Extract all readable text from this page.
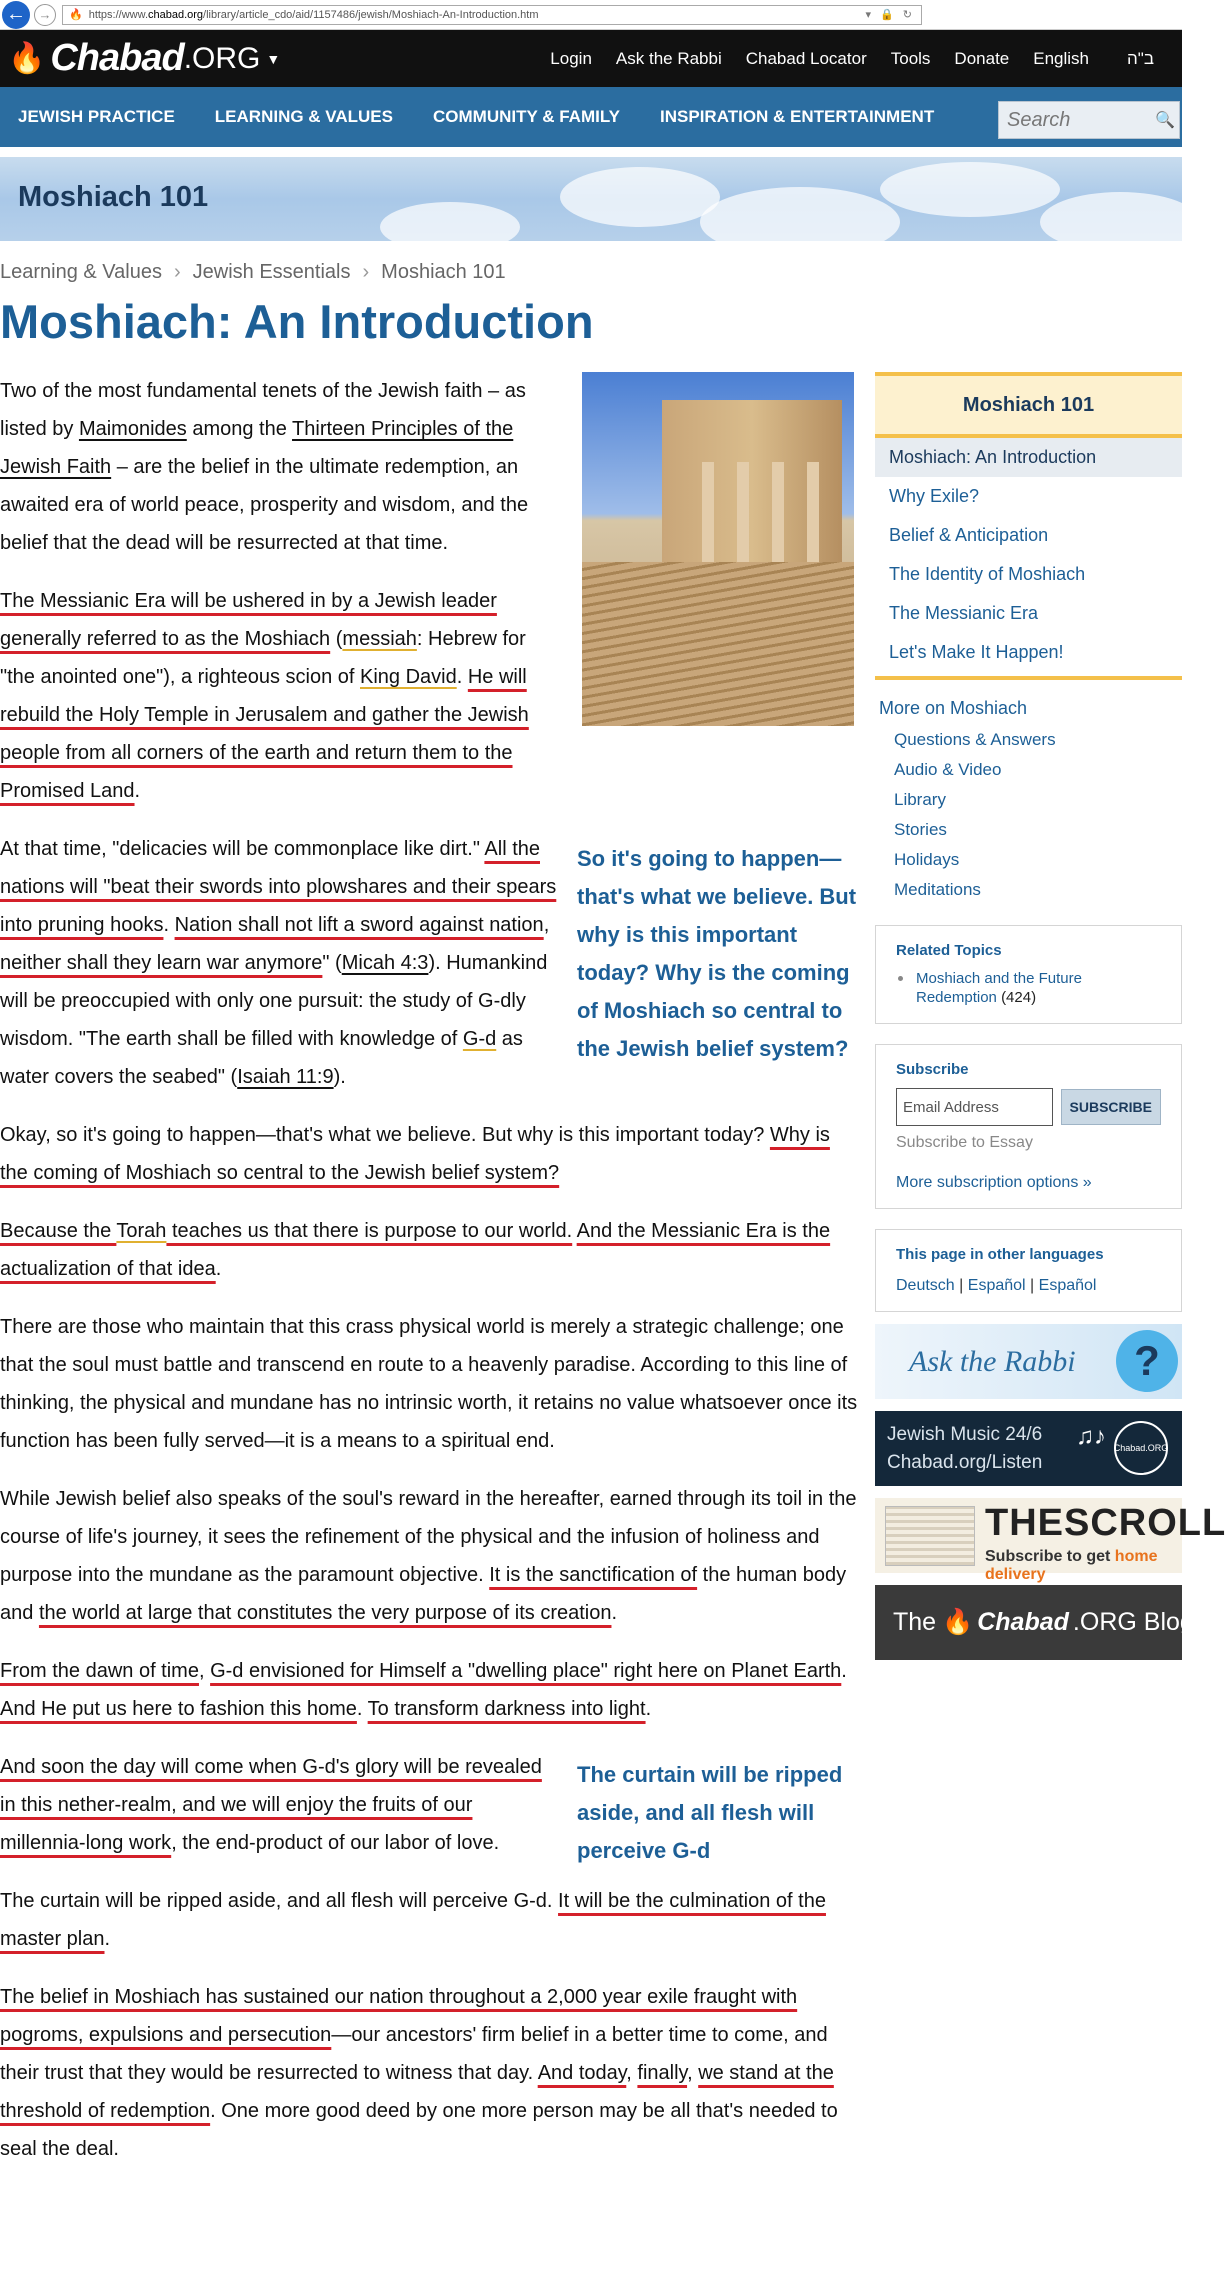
← →	🔥 https://www. chabad.org /library/article_cdo/aid/1157486/jewish/Moshiach-An-Introduction.htm	▾ 🔒 ↻
🔥 Chabad .ORG ▼	Login Ask the Rabbi Chabad Locator Tools Donate English ב"ה
JEWISH PRACTICE LEARNING & VALUES COMMUNITY & FAMILY INSPIRATION & ENTERTAINMENT	Search	🔍
Moshiach 101
Learning & Values › Jewish Essentials › Moshiach 101
Moshiach: An Introduction

Two of the most fundamental tenets of the Jewish faith – as listed by Maimonides among the Thirteen Principles of the Jewish Faith – are the belief in the ultimate redemption, an awaited era of world peace, prosperity and wisdom, and the belief that the dead will be resurrected at that time.

The Messianic Era will be ushered in by a Jewish leader generally referred to as the Moshiach (messiah: Hebrew for "the anointed one"), a righteous scion of King David. He will rebuild the Holy Temple in Jerusalem and gather the Jewish people from all corners of the earth and return them to the Promised Land.

So it's going to happen—that's what we believe. But why is this important today? Why is the coming of Moshiach so central to the Jewish belief system?

At that time, "delicacies will be commonplace like dirt." All the nations will "beat their swords into plowshares and their spears into pruning hooks. Nation shall not lift a sword against nation, neither shall they learn war anymore" (Micah 4:3). Humankind will be preoccupied with only one pursuit: the study of G‑dly wisdom. "The earth shall be filled with knowledge of G‑d as water covers the seabed" (Isaiah 11:9).

Okay, so it's going to happen—that's what we believe. But why is this important today? Why is the coming of Moshiach so central to the Jewish belief system?

Because the Torah teaches us that there is purpose to our world. And the Messianic Era is the actualization of that idea.

There are those who maintain that this crass physical world is merely a strategic challenge; one that the soul must battle and transcend en route to a heavenly paradise. According to this line of thinking, the physical and mundane has no intrinsic worth, it retains no value whatsoever once its function has been fully served—it is a means to a spiritual end.

While Jewish belief also speaks of the soul's reward in the hereafter, earned through its toil in the course of life's journey, it sees the refinement of the physical and the infusion of holiness and purpose into the mundane as the paramount objective. It is the sanctification of the human body and the world at large that constitutes the very purpose of its creation.

From the dawn of time, G‑d envisioned for Himself a "dwelling place" right here on Planet Earth. And He put us here to fashion this home. To transform darkness into light.

The curtain will be ripped aside, and all flesh will perceive G‑d

And soon the day will come when G‑d's glory will be revealed in this nether-realm, and we will enjoy the fruits of our millennia-long work, the end-product of our labor of love.

The curtain will be ripped aside, and all flesh will perceive G‑d. It will be the culmination of the master plan.

The belief in Moshiach has sustained our nation throughout a 2,000 year exile fraught with pogroms, expulsions and persecution—our ancestors' firm belief in a better time to come, and their trust that they would be resurrected to witness that day. And today, finally, we stand at the threshold of redemption. One more good deed by one more person may be all that's needed to seal the deal.

Moshiach 101
Moshiach: An Introduction
Why Exile?
Belief & Anticipation
The Identity of Moshiach
The Messianic Era
Let's Make It Happen!
More on Moshiach
Questions & Answers
Audio & Video
Library
Stories
Holidays
Meditations
Related Topics
Moshiach and the Future Redemption (424)
Subscribe
Email Address	SUBSCRIBE
Subscribe to Essay
More subscription options »
This page in other languages
Deutsch | Español | Español
Ask the Rabbi	?
Jewish Music 24/6
Chabad.org/Listen
♫♪ Chabad.ORG
THESCROLL
Subscribe to get home delivery
The 🔥 Chabad .ORG
Blog
